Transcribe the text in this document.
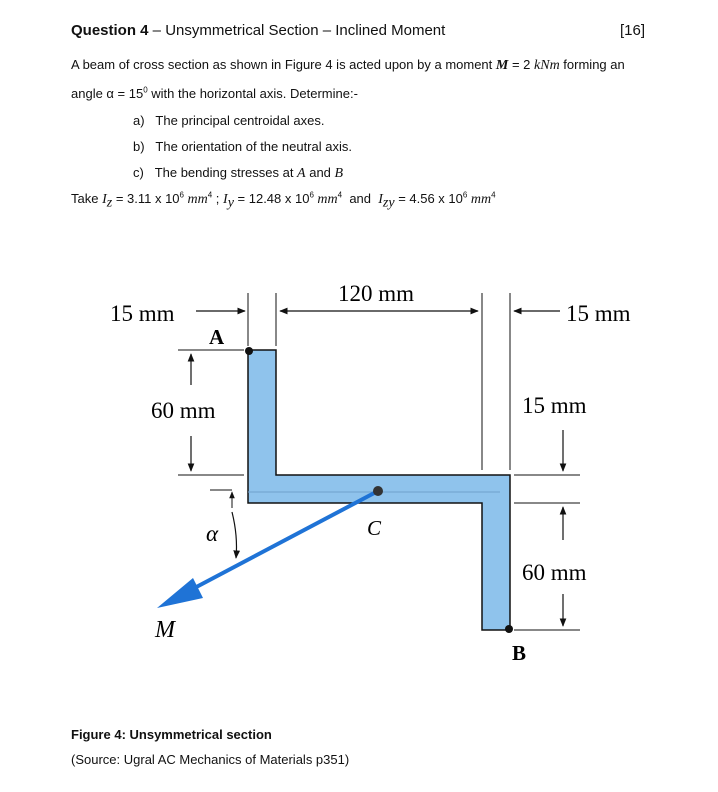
Question 4 – Unsymmetrical Section – Inclined Moment	[16]
A beam of cross section as shown in Figure 4 is acted upon by a moment M = 2 kNm forming an
angle $\alpha = 15^0$ with the horizontal axis. Determine:-
a) The principal centroidal axes.
b) The orientation of the neutral axis.
c) The bending stresses at A and B
Take $I_z = 3.11$ x $10^6$ $mm^4$ ; $I_y = 12.48$ x $10^6$ $mm^4$  and  $I_{zy} = 4.56$ x $10^6$ $mm^4$
15 mm
120 mm
15 mm
60 mm	15 mm
60 mm
A
B
C
M
α
Figure 4: Unsymmetrical section
(Source: Ugral AC Mechanics of Materials p351)
